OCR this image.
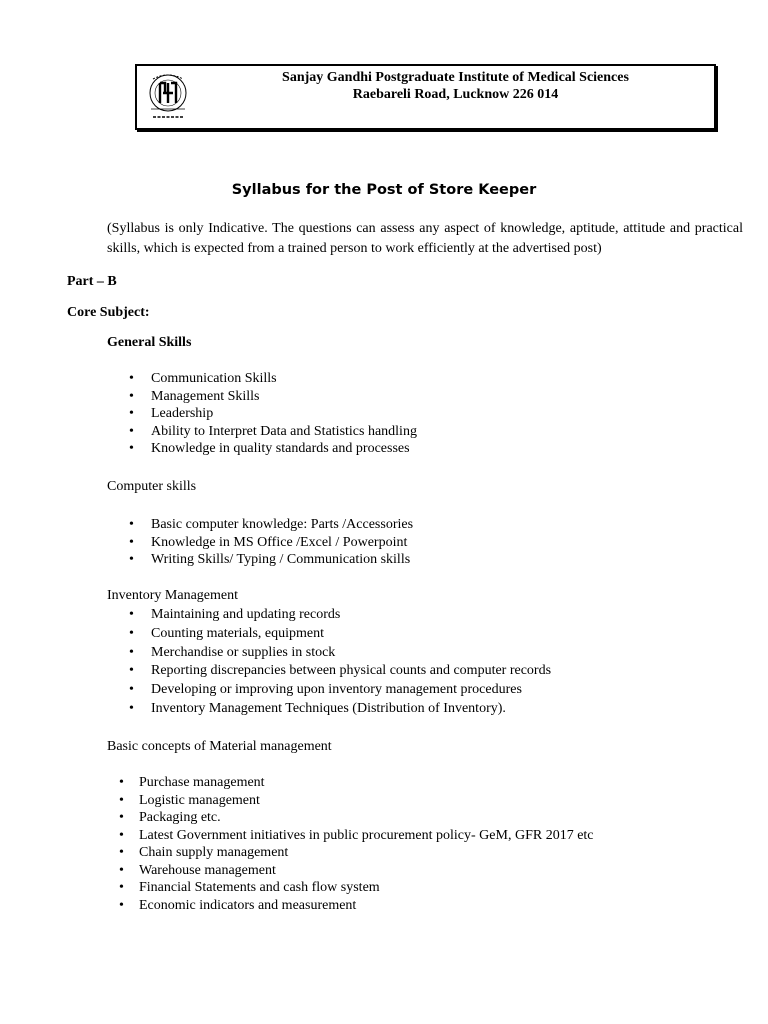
Sanjay Gandhi Postgraduate Institute of Medical Sciences
Raebareli Road, Lucknow 226 014
Syllabus for the Post of Store Keeper
(Syllabus is only Indicative. The questions can assess any aspect of knowledge, aptitude, attitude and practical skills, which is expected from a trained person to work efficiently at the advertised post)
Part – B
Core Subject:
General Skills
• Communication Skills
• Management Skills
• Leadership
• Ability to Interpret Data and Statistics handling
• Knowledge in quality standards and processes
Computer skills
• Basic computer knowledge: Parts /Accessories
• Knowledge in MS Office /Excel / Powerpoint
• Writing Skills/ Typing / Communication skills
Inventory Management
• Maintaining and updating records
• Counting materials, equipment
• Merchandise or supplies in stock
• Reporting discrepancies between physical counts and computer records
• Developing or improving upon inventory management procedures
• Inventory Management Techniques (Distribution of Inventory).
Basic concepts of Material management
• Purchase management
• Logistic management
• Packaging etc.
• Latest Government initiatives in public procurement policy- GeM, GFR 2017 etc
• Chain supply management
• Warehouse management
• Financial Statements and cash flow system
• Economic indicators and measurement
